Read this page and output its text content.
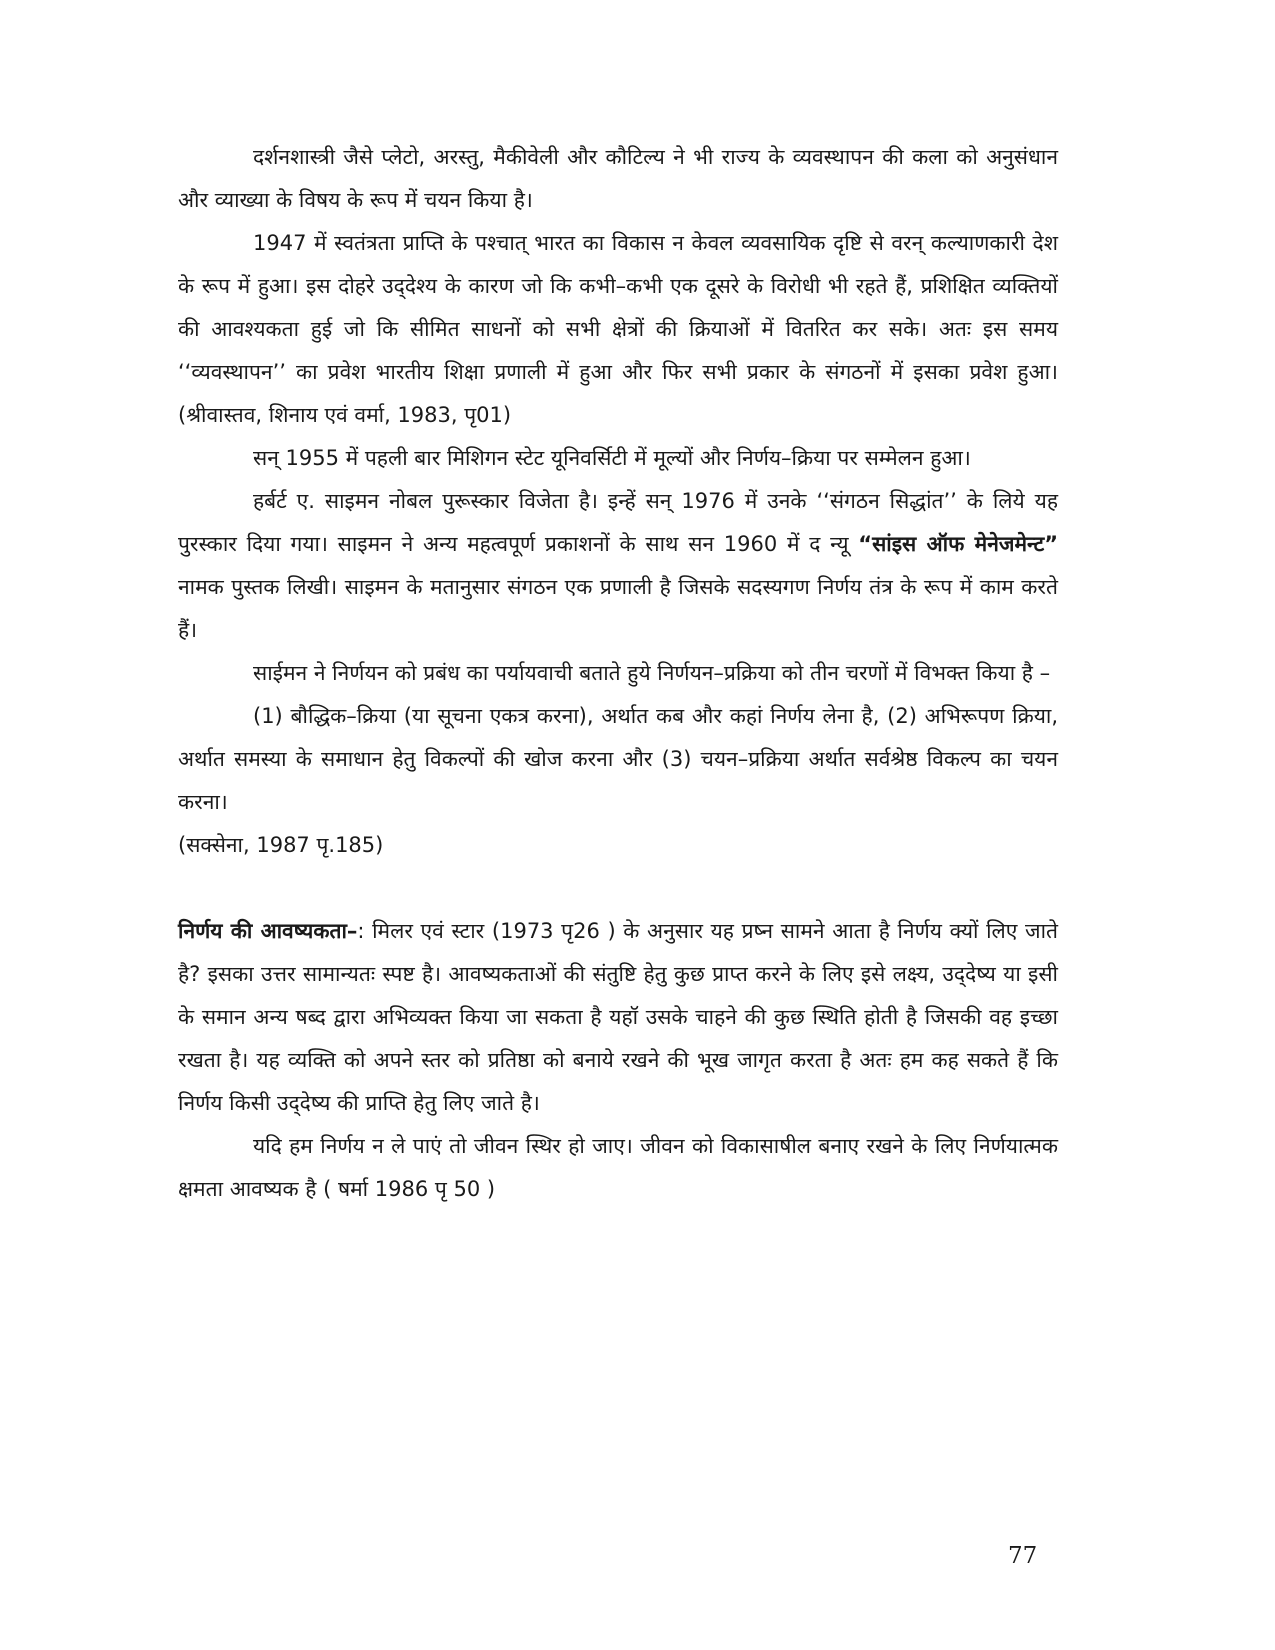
दर्शनशास्त्री जैसे प्लेटो, अरस्तु, मैकीवेली और कौटिल्य ने भी राज्य के व्यवस्थापन की कला को अनुसंधान और व्याख्या के विषय के रूप में चयन किया है।

1947 में स्वतंत्रता प्राप्ति के पश्चात् भारत का विकास न केवल व्यवसायिक दृष्टि से वरन् कल्याणकारी देश के रूप में हुआ। इस दोहरे उद्‌देश्य के कारण जो कि कभी–कभी एक दूसरे के विरोधी भी रहते हैं, प्रशिक्षित व्यक्तियों की आवश्यकता हुई जो कि सीमित साधनों को सभी क्षेत्रों की क्रियाओं में वितरित कर सके। अतः इस समय ‘‘व्यवस्थापन’’ का प्रवेश भारतीय शिक्षा प्रणाली में हुआ और फिर सभी प्रकार के संगठनों में इसका प्रवेश हुआ। (श्रीवास्तव, शिनाय एवं वर्मा, 1983, पृ01)

सन् 1955 में पहली बार मिशिगन स्टेट यूनिवर्सिटी में मूल्यों और निर्णय–क्रिया पर सम्मेलन हुआ।

हर्बर्ट ए. साइमन नोबल पुरूस्कार विजेता है। इन्हें सन् 1976 में उनके ‘‘संगठन सिद्धांत’’ के लिये यह पुरस्कार दिया गया। साइमन ने अन्य महत्वपूर्ण प्रकाशनों के साथ सन 1960 में द न्यू “सांइस ऑफ मेनेजमेन्ट” नामक पुस्तक लिखी। साइमन के मतानुसार संगठन एक प्रणाली है जिसके सदस्यगण निर्णय तंत्र के रूप में काम करते हैं।

साईमन ने निर्णयन को प्रबंध का पर्यायवाची बताते हुये निर्णयन–प्रक्रिया को तीन चरणों में विभक्त किया है –

(1) बौद्धिक–क्रिया (या सूचना एकत्र करना), अर्थात कब और कहां निर्णय लेना है, (2) अभिरूपण क्रिया, अर्थात समस्या के समाधान हेतु विकल्पों की खोज करना और (3) चयन–प्रक्रिया अर्थात सर्वश्रेष्ठ विकल्प का चयन करना।

(सक्सेना, 1987 पृ.185)

निर्णय की आवष्यकता–: मिलर एवं स्टार (1973 पृ26 ) के अनुसार यह प्रष्न सामने आता है निर्णय क्यों लिए जाते है? इसका उत्तर सामान्यतः स्पष्ट है। आवष्यकताओं की संतुष्टि हेतु कुछ प्राप्त करने के लिए इसे लक्ष्य, उद्‌देष्य या इसी के समान अन्य षब्द द्वारा अभिव्यक्त किया जा सकता है यहॉ उसके चाहने की कुछ स्थिति होती है जिसकी वह इच्छा रखता है। यह व्यक्ति को अपने स्तर को प्रतिष्ठा को बनाये रखने की भूख जागृत करता है अतः हम कह सकते हैं कि निर्णय किसी उद्‌देष्य की प्राप्ति हेतु लिए जाते है।

यदि हम निर्णय न ले पाएं तो जीवन स्थिर हो जाए। जीवन को विकासाषील बनाए रखने के लिए निर्णयात्मक क्षमता आवष्यक है ( षर्मा 1986 पृ 50 )

77
